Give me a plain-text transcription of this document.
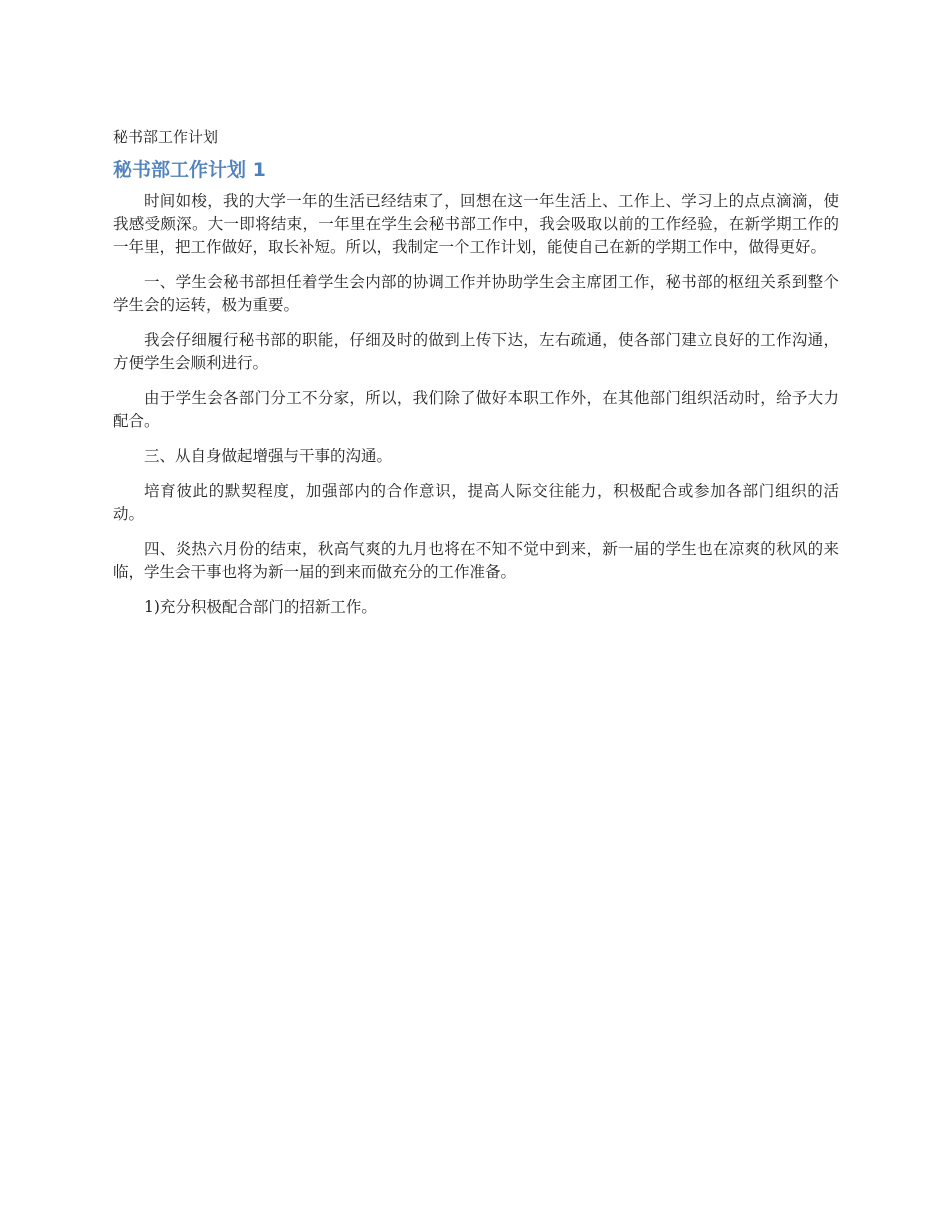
秘书部工作计划
秘书部工作计划 1

时间如梭，我的大学一年的生活已经结束了，回想在这一年生活上、工作上、学习上的点点滴滴，使我感受颇深。大一即将结束，一年里在学生会秘书部工作中，我会吸取以前的工作经验，在新学期工作的一年里，把工作做好，取长补短。所以，我制定一个工作计划，能使自己在新的学期工作中，做得更好。

一、学生会秘书部担任着学生会内部的协调工作并协助学生会主席团工作，秘书部的枢纽关系到整个学生会的运转，极为重要。

我会仔细履行秘书部的职能，仔细及时的做到上传下达，左右疏通，使各部门建立良好的工作沟通，方便学生会顺利进行。

由于学生会各部门分工不分家，所以，我们除了做好本职工作外，在其他部门组织活动时，给予大力配合。

三、从自身做起增强与干事的沟通。

培育彼此的默契程度，加强部内的合作意识，提高人际交往能力，积极配合或参加各部门组织的活动。

四、炎热六月份的结束，秋高气爽的九月也将在不知不觉中到来，新一届的学生也在凉爽的秋风的来临，学生会干事也将为新一届的到来而做充分的工作准备。

1)充分积极配合部门的招新工作。
